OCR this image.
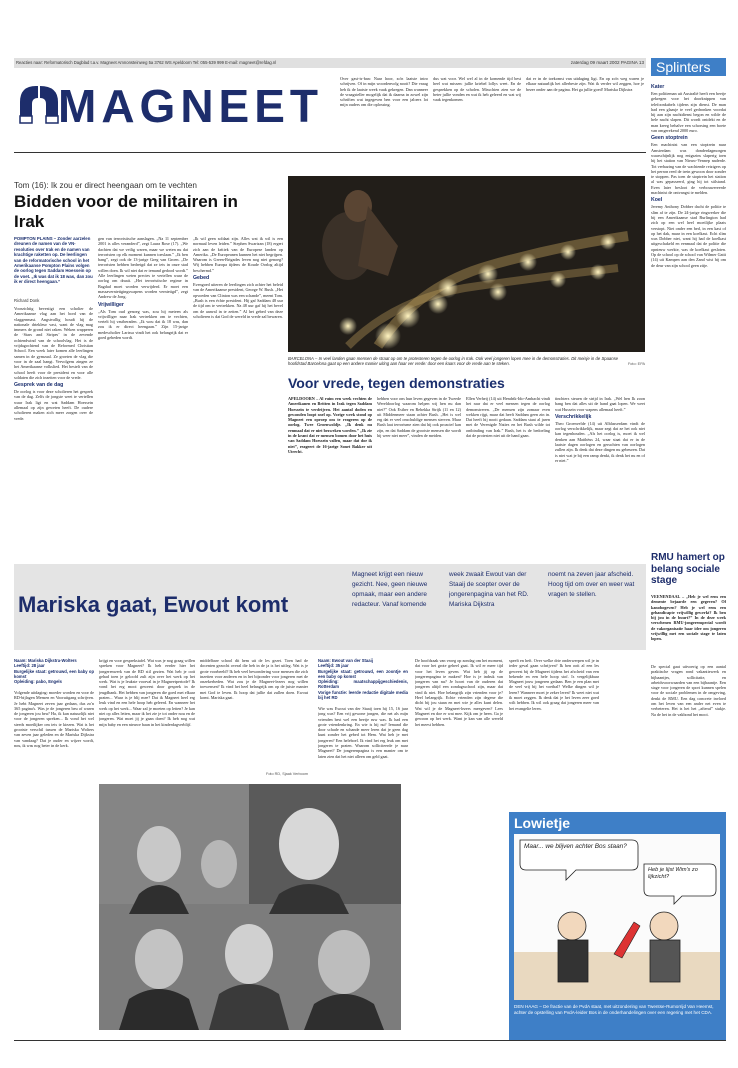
Reacties naar: Reformatorisch Dagblad t.a.v. Magneet Amnonsteinweg 5a 3762 WS Apeldoorn Tel: 055-539 999 E-mail: magneet@refdag.nl	zaterdag 09 maart 2002 PAGINA 13
MAGNEET
Over gast-is-ban: Naar hoor, zo'n laatste intro schrijven. Of in mijn woordenvolg nooit? Die vraag heb ik de laatste week vaak gekregen. Dan wanneer de vraagsteller mogelijk dat ik daarna in zowel zijn schriften wat ingegeven ben voor een jaloers lot mijn ouders om die oplossing.
dus wat voor. Wel wel al in de komende tijd best heel wat missen: jullie kriebel lollys weet. En de gesprekken op de scholen. Misschien zien we de beter jullie vonden en wat ik heb geleerd en wat wij vaak tegenkomen.
dat er in de toekomst van uitdaging ligt. En op zo'n weg waren je elkaar natuurlijk het allerbeste zijn. Wat ik verder wil zeggen, hoe je bezer onder aan de pagina. Het ga jullie goed! Mariska Dijkstra
Splinters
Kater
Een politieman uit Australië heeft een beetje gekregen voor het doorknippen van telefoonkabels tijdens zijn dienst. De man had een glaasje te veel gedronken voordat hij aan zijn nachtdienst begon en wilde de hele nacht slapen. Dit wordt ontdekt en de man kreeg behalve een schorsing een boete van omgerekend 2000 euro.
Geen stoptrein
Een machinist van een stoptrein naar Amsterdam was donderdagmorgen waarschijnlijk nog enigszins slaperig toen hij het station van Nieuw-Vennep naderde. Tot verbazing van de wachtende reizigers op het perron reed de trein gewoon door zonder te stoppen. Pas toen de stoptrein het station al was gepasseerd, ging hij tot stilstand. Even later besloot de verbouwereerde machinist de ontvangst te melden.
Koel
Jeremy Anthony Dobber dacht de politie te slim af te zijn. De 24-jarige ringwerker die bij een Amerikaanse stad Burlington had zich op een wel heel moeilijke plaats verstopt. Niet onder een bed, in een kast of op het dak, maar in een koelkast. Echt slim was Dobber niet, want hij had de koelkast uitgeschakeld en eenmaal dat de politie die opnieuw werkte, was de koelkast gesloten. Op de school op de school van Wilmer Gatti (14) uit Kampen aan den Zand wist hij om de deur van zijn school geen zitje.
Tom (16): Ik zou er direct heengaan om te vechten
Bidden voor de militairen in Irak
POMPTON PLAINS – Zonder aarzelen dreunen de namen van de VN-resoluties over Irak en de namen van krachtige raketten op. De leerlingen van de reformatorische school in het Amerikaanse Pompton Plains volgen de oorlog tegen Saddam Hoessein op de voet. „Ik was dat ik 18 was, dan zou ik er direct heengaan.”
Richard Donk
Voorzichtig bevestigt een scholier de Amerikaanse vlag aan het bord van de vlaggenmast. Angstvallig houdt hij de nationale driekleur vast, want de vlag mag immers de grond niet raken. Weken wapperen de ‘Stars and Stripes’ in de zevende ochtendwind van de schoolvlag. Het is de vrijdagochtend van de Reformed Christian School. Een week later komen alle leerlingen samen in de gymzaal. Ze groeten de vlag die voor in de zaal hangt. Vervolgens zingen ze het Amerikaanse volkslied. Het bestelt van de school heeft voor de president en voor alle soldaten die zich inzetten voor de vrede.
Gesprek van de dag
De oorlog is voor deze scholieren het gesprek van de dag. Zelfs de jongste weet te vertellen waar Irak ligt en wat Saddam Hoessein allemaal op zijn geweten heeft. De oudere scholieren maken zich meer zorgen over de vrede.
gen van terroristische aanslagen. „Na 11 september 2001 is alles veranderd”, zegt Laura Rose (17). „We dachten dat we veilig waren, maar we weten nu dat terroristen op elk moment kunnen toeslaan.” „Ik ben bang”, zegt ook de 13-jarige Greg van Groen. „De terroristen hebben bedreigd dat ze iets in onze stad willen doen. Ik wil niet dat er iemand gedood wordt.” Alle leerlingen weten precies te vertellen waar de oorlog om draait. „Het terroristische regime in Bagdad moet worden verwijderd. Er moet een massavernietigingswapens worden vernietigd”, zegt Andrew de Jong.
Vrijwilliger
„Als Tom oud genoeg was, zou hij meteen als vrijwilliger naar Irak vertrekken om te vechten, vertelt hij vastberaden. „Ik wou dat ik 18 was, dan zou ik er direct heengaan.” Zijn 15-jarige medescholier Larissa vindt het ook belangrijk dat er goed gebeden wordt.
„Ik wil geen soldaat zijn. Alles wat ik wil is een normaal leven leiden.” Stephen Swartzan (18) ergert zich aan de kritiek van de Europese landen op Amerika. „De Europeanen kunnen het niet begrijpen. Waarom is Green-Brigades leven nog niet genoeg? Wij hebben Europa tijdens de Koude Oorlog altijd beschermd.”
Gebed
Evengoed uiteren de leerlingen zich achter het beleid van de Amerikaanse president, George W. Bush. „Het opvoeden van Clinton was een schande”, meent Tom. „Bush is een échte president. Hij gaf Saddam 48 uur de tijd om te vertrekken. Na 48 uur gaf hij het bevel om de aanval in te zetten.” Al het gebed van deze scholieren is dat God de wereld in vrede zal bewaren.
BARCELONA – In veel landen gaan mensen de straat op om te protesteren tegen de oorlog in Irak. Ook veel jongeren lopen mee in de demonstraties. Dit meisje in de Spaanse hoofdstad Barcelona gaat op een andere manier uiting aan haar ver vrede: door een kaars voor de vrede aan te steken.	Foto: EPA
Voor vrede, tegen demonstraties
APELDOORN – Al ruim een week vechten de Amerikanen en Britten in Irak tegen Saddam Hoessein te verdrijven. Het aantal doden en gewonden loopt snel op. Vorige week stond op Magneet een oproep om te reageren op de oorlog. Twee Groenwoldje. „Ik denk nu eenmaal dat er niet bezweken worden.” „Ik zie in de krant dat er mensen bomen door het huis van Saddam Hoessein vallen, maar dat doe ik niet”, reageert de 16-jarige Sonet Bakker uit Utrecht.
hebben voor ons hun leven gegeven in de Tweede Wereldoorlog waarom helpen wij hen nu dan niet?” Ook Esther en Rebekka Strijk (11 en 12) uit Middenmeer staan achter Bush. „Het is wel erg dat er veel onschuldige mensen sterven. Maar Bush laat terrorisme zien dat hij ook proacief kan zijn, en dat Saddam de grootste mensen die wordt hij weer niet meer”, vinden de meiden.
Ellen Verheij (14) uit Hendrik-Ido-Ambacht vindt het raar dat er veel mensen tegen de oorlog demonstreren. „De mensen zijn zomaar even wekken rijgt, maar dat heeft Saddam geen zin in. Dat heeft hij nooit gedaan. Saddam staat al jaren met de Verenigde Naties en het Bush wilde tot ontbinding van Irak.” Bush, het is de bedoeling dat de protesten niet uit de hand gaan.
tinchters steuen de strijd in Irak. „Wel hen Ik zoon bang ben dat alles uit de hand gaat lopen. We weet wat Hussein voor wapens allemaal heeft.”
Verschrikkelijk
Theo Groenvelde (14) uit Alblasserdam vindt de oorlog verschrikkelijk, maar zegt dat ze het ook niet kan tegenhouden. „Als het oorlog is, moet ik wel denken aan Matthëus 24, waar staat dat er in de laatste dagen oorlogen en geruchten van oorlogen zullen zijn. Ik denk dat deze dingen nu gebeuren. Dat is niet wat je bij een ramp denkt, ik denk het nu en of er niet.”
Mariska gaat, Ewout komt
Magneet krijgt een nieuw gezicht. Nee, geen nieuwe opmaak, maar een andere redacteur. Vanaf komende
week zwaait Ewout van der Staaij de scepter over de jongerenpagina van het RD. Mariska Dijkstra
noemt na zeven jaar afscheid. Hoog tijd om over en weer wat vragen te stellen.
Naam: Mariska Dijkstra-Wolters
Leeftijd: 28 jaar
Burgelijke staat: getrouwd, een baby op komst
Opleiding: pabo, Engels
Volgende uitdaging: moeder worden en voor de RD-bijlagen Mensen en Vooruitgang schrijven. Je hebt Magneet zeven jaar gedaan, dus zo'n 365 pagina's. Was je de jongeren beu of waren de jongeren jou beu? Ha, ik kan natuurlijk niet voor de jongeren spreken... Ik vond het wel steeds moeilijker om iets te kiezen. Wat is het grootste verschil tussen de Mariska Wolters van zeven jaar geleden en de Mariska Dijkstra van vandaag? Dat je ouder en wijzer wordt, nou, ik was nog beter in de kerk.
krijgt en voor gesprekstafel. Wat was je nog graag willen spreken voor Magneet? Ik heb eerder hier het jongerenwerk van de RD stil gezien. Wat heb je ooit gehad toen je geloofd zult zijn over het werk op het werk. Wat is je leukste voorval in je Magneetperiode? Ik vond het erg mooi geweest door gesprek in de jeugdbank. Het hebben van jongeren die goed met elkaar praten... Waar is je blij mee? Dat ik Magneet heel erg leuk vind en een hele hoop heb geleerd. En wanneer het werk op het werk... Waar zal je moeten op letten? Je kan niet op alles letten, maar ik het zie je tot onder nou en de jongeren. Wat moet jij je gaan doen? Ik heb nog wat mijn baby en een nieuwe baan in het kinderdagverblijf.
middelbare school dit hem uit de les gezet. Toen had de docenten gezocht overal die heb in de ja is het uitleg. Wat is je grote voorbeeld? Ik heb veel bewondering voor mensen die zich inzetten voor anderen en in het bijzonder voor jongeren met de onzekerheden. Wat zou je de Magneet-lezers nog willen toewensen? Ik vind het heel belangrijk om op de juiste manier met God te leven. Ik hoop dat jullie dat zullen doen. Ewout komt. Mariska gaat.
Foto RD, Sjaak Verboom
Naam: Ewout van der Staaij
Leeftijd: 35 jaar
Burgelijke staat: getrouwd, een zoontje en een baby op komst
Opleiding: maatschappijgeschiedenis, Rotterdam
Vorige functie: leerde redactie digitale media bij het RD
Wie was Ewout van der Staaij toen hij 15, 16 jaar jong was? Een vrij gewone jongen, die net als mijn vrienden best wel een beetje ruw was. Ik had een grote vriendenkring. En wie is hij nu? Iemand die door schade en schande meer leren dat je geen dag kunt zonder het gebed tot Hem. Wat heb je met jongeren? Een heleboel. Ik vind het erg leuk om met jongeren te praten. Waarom solliciteerde je naar Magneet? De jongerenpagina is een manier om te laten zien dat het niet alleen om geld gaat.
De hoofdzaak van vroeg op zondag om het moment, dat voor het grote geheel gaat. Ik wil er meer tijd voor het leven geven. Wat heb jij op de jongerenpagina te maken? Hoe is je indruk van jongeren van nu? Je hoort van de ouderen dat jongeren altijd een zondagsschool zijn, maar dat vind ik niet. Hoe belangrijk zijn vrienden voor je? Heel belangrijk. Echte vrienden zijn degene die dicht bij jou staan en met wie je alles kunt delen. Wat wil je de Magneet-lezers meegeven? Lees Magneet en doe er wat mee. Kijk om je heen. Ga je gewoon op het werk. Want je kan van alle wereld het meest hebben.
speelt en heft. Over welke drie onderwerpen wil je in ieder geval gaan schrijven? Ik ben ooit al een les geweest bij de Magneet tijdens het afscheid van een bekende en een hele hoop stof. Is vergelijkbaar Magneet jouw jongeren gedaan. Ben je een plan met de veel vrij bij het voetbal? Welke dingen wil je leren? Wanneer moet je zeker leren? Ik weet niet wat ik moet zeggen. Ik denk dat je het leven zeer goed wilt hebben. Ik wil ook graag dat jongeren meer van het evangelie leren.
RMU hamert op belang sociale stage
VEENENDAAL – „Heb je wel eens een demente bejaarde een gegeven? Of kanobogeven? Heb je wel eens een gehandicapte vrijwillig gewerkt? Ik ben bij jou in de buurt?” In de deze week verschenen RMU-jongerenspecial wordt de vakorganisatie haar idee om jongeren vrijwillig met een sociale stage te laten lopen.
De special gaat uitvoerig op een aantal praktische vragen rond vakantiewerk en bijbaantjes, sollicitatie, en arbeidsvoorwaarden van een bijbaantje. Een stage voor jongeren de sport kunnen spelen voor de sociale problemen in de omgeving, denkt de RMU. Een dag concrete invloed om het leven van een ander net even te verbeteren. Het is het het „afteraf” stukje. Na de het in de vakbond het mooi.
Lowietje
Maar... we blijven achter Bos staan?
Heb je lijst Wim's zo lijkzicht?
DEN HAAG – De fractie van de PvdA staat, met uitzondering van Twentse-Rumorrijd Van Heemst, achter de opstelling van PvdA-leider Bos in de onderhandelingen over een regering met het CDA.
